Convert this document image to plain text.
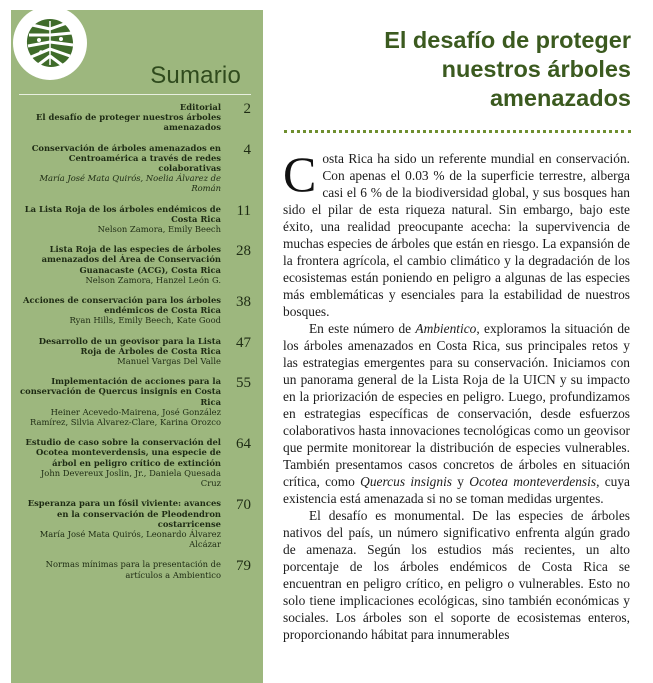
Sumario
Editorial
El desafío de proteger nuestros árboles amenazados
2
Conservación de árboles amenazados en Centroamérica a través de redes colaborativas
María José Mata Quirós, Noelia Álvarez de Román
4
La Lista Roja de los árboles endémicos de Costa Rica
Nelson Zamora, Emily Beech
11
Lista Roja de las especies de árboles amenazados del Área de Conservación Guanacaste (ACG), Costa Rica
Nelson Zamora, Hanzel León G.
28
Acciones de conservación para los árboles endémicos de Costa Rica
Ryan Hills, Emily Beech, Kate Good
38
Desarrollo de un geovisor para la Lista Roja de Árboles de Costa Rica
Manuel Vargas Del Valle
47
Implementación de acciones para la conservación de Quercus insignis en Costa Rica
Heiner Acevedo-Mairena, José González Ramírez, Silvia Alvarez-Clare, Karina Orozco
55
Estudio de caso sobre la conservación del Ocotea monteverdensis, una especie de árbol en peligro crítico de extinción
John Devereux Joslin, Jr., Daniela Quesada Cruz
64
Esperanza para un fósil viviente: avances en la conservación de Pleodendron costarricense
María José Mata Quirós, Leonardo Álvarez Alcázar
70
Normas mínimas para la presentación de artículos a Ambientico
79
El desafío de proteger
nuestros árboles
amenazados

Costa Rica ha sido un referente mundial en conservación. Con apenas el 0.03 % de la superficie terrestre, alberga casi el 6 % de la biodiversidad global, y sus bosques han sido el pilar de esta riqueza natural. Sin embargo, bajo este éxito, una realidad preocupante acecha: la supervivencia de muchas especies de árboles que están en riesgo. La expansión de la frontera agrícola, el cambio climático y la degradación de los ecosistemas están poniendo en peligro a algunas de las especies más emblemáticas y esenciales para la estabilidad de nuestros bosques.

En este número de Ambientico, exploramos la situación de los árboles amenazados en Costa Rica, sus principales retos y las estrategias emergentes para su conservación. Iniciamos con un panorama general de la Lista Roja de la UICN y su impacto en la priorización de especies en peligro. Luego, profundizamos en estrategias específicas de conservación, desde esfuerzos colaborativos hasta innovaciones tecnológicas como un geovisor que permite monitorear la distribución de especies vulnerables. También presentamos casos concretos de árboles en situación crítica, como Quercus insignis y Ocotea monteverdensis, cuya existencia está amenazada si no se toman medidas urgentes.

El desafío es monumental. De las especies de árboles nativos del país, un número significativo enfrenta algún grado de amenaza. Según los estudios más recientes, un alto porcentaje de los árboles endémicos de Costa Rica se encuentran en peligro crítico, en peligro o vulnerables. Esto no solo tiene implicaciones ecológicas, sino también económicas y sociales. Los árboles son el soporte de ecosistemas enteros, proporcionando hábitat para innumerables
